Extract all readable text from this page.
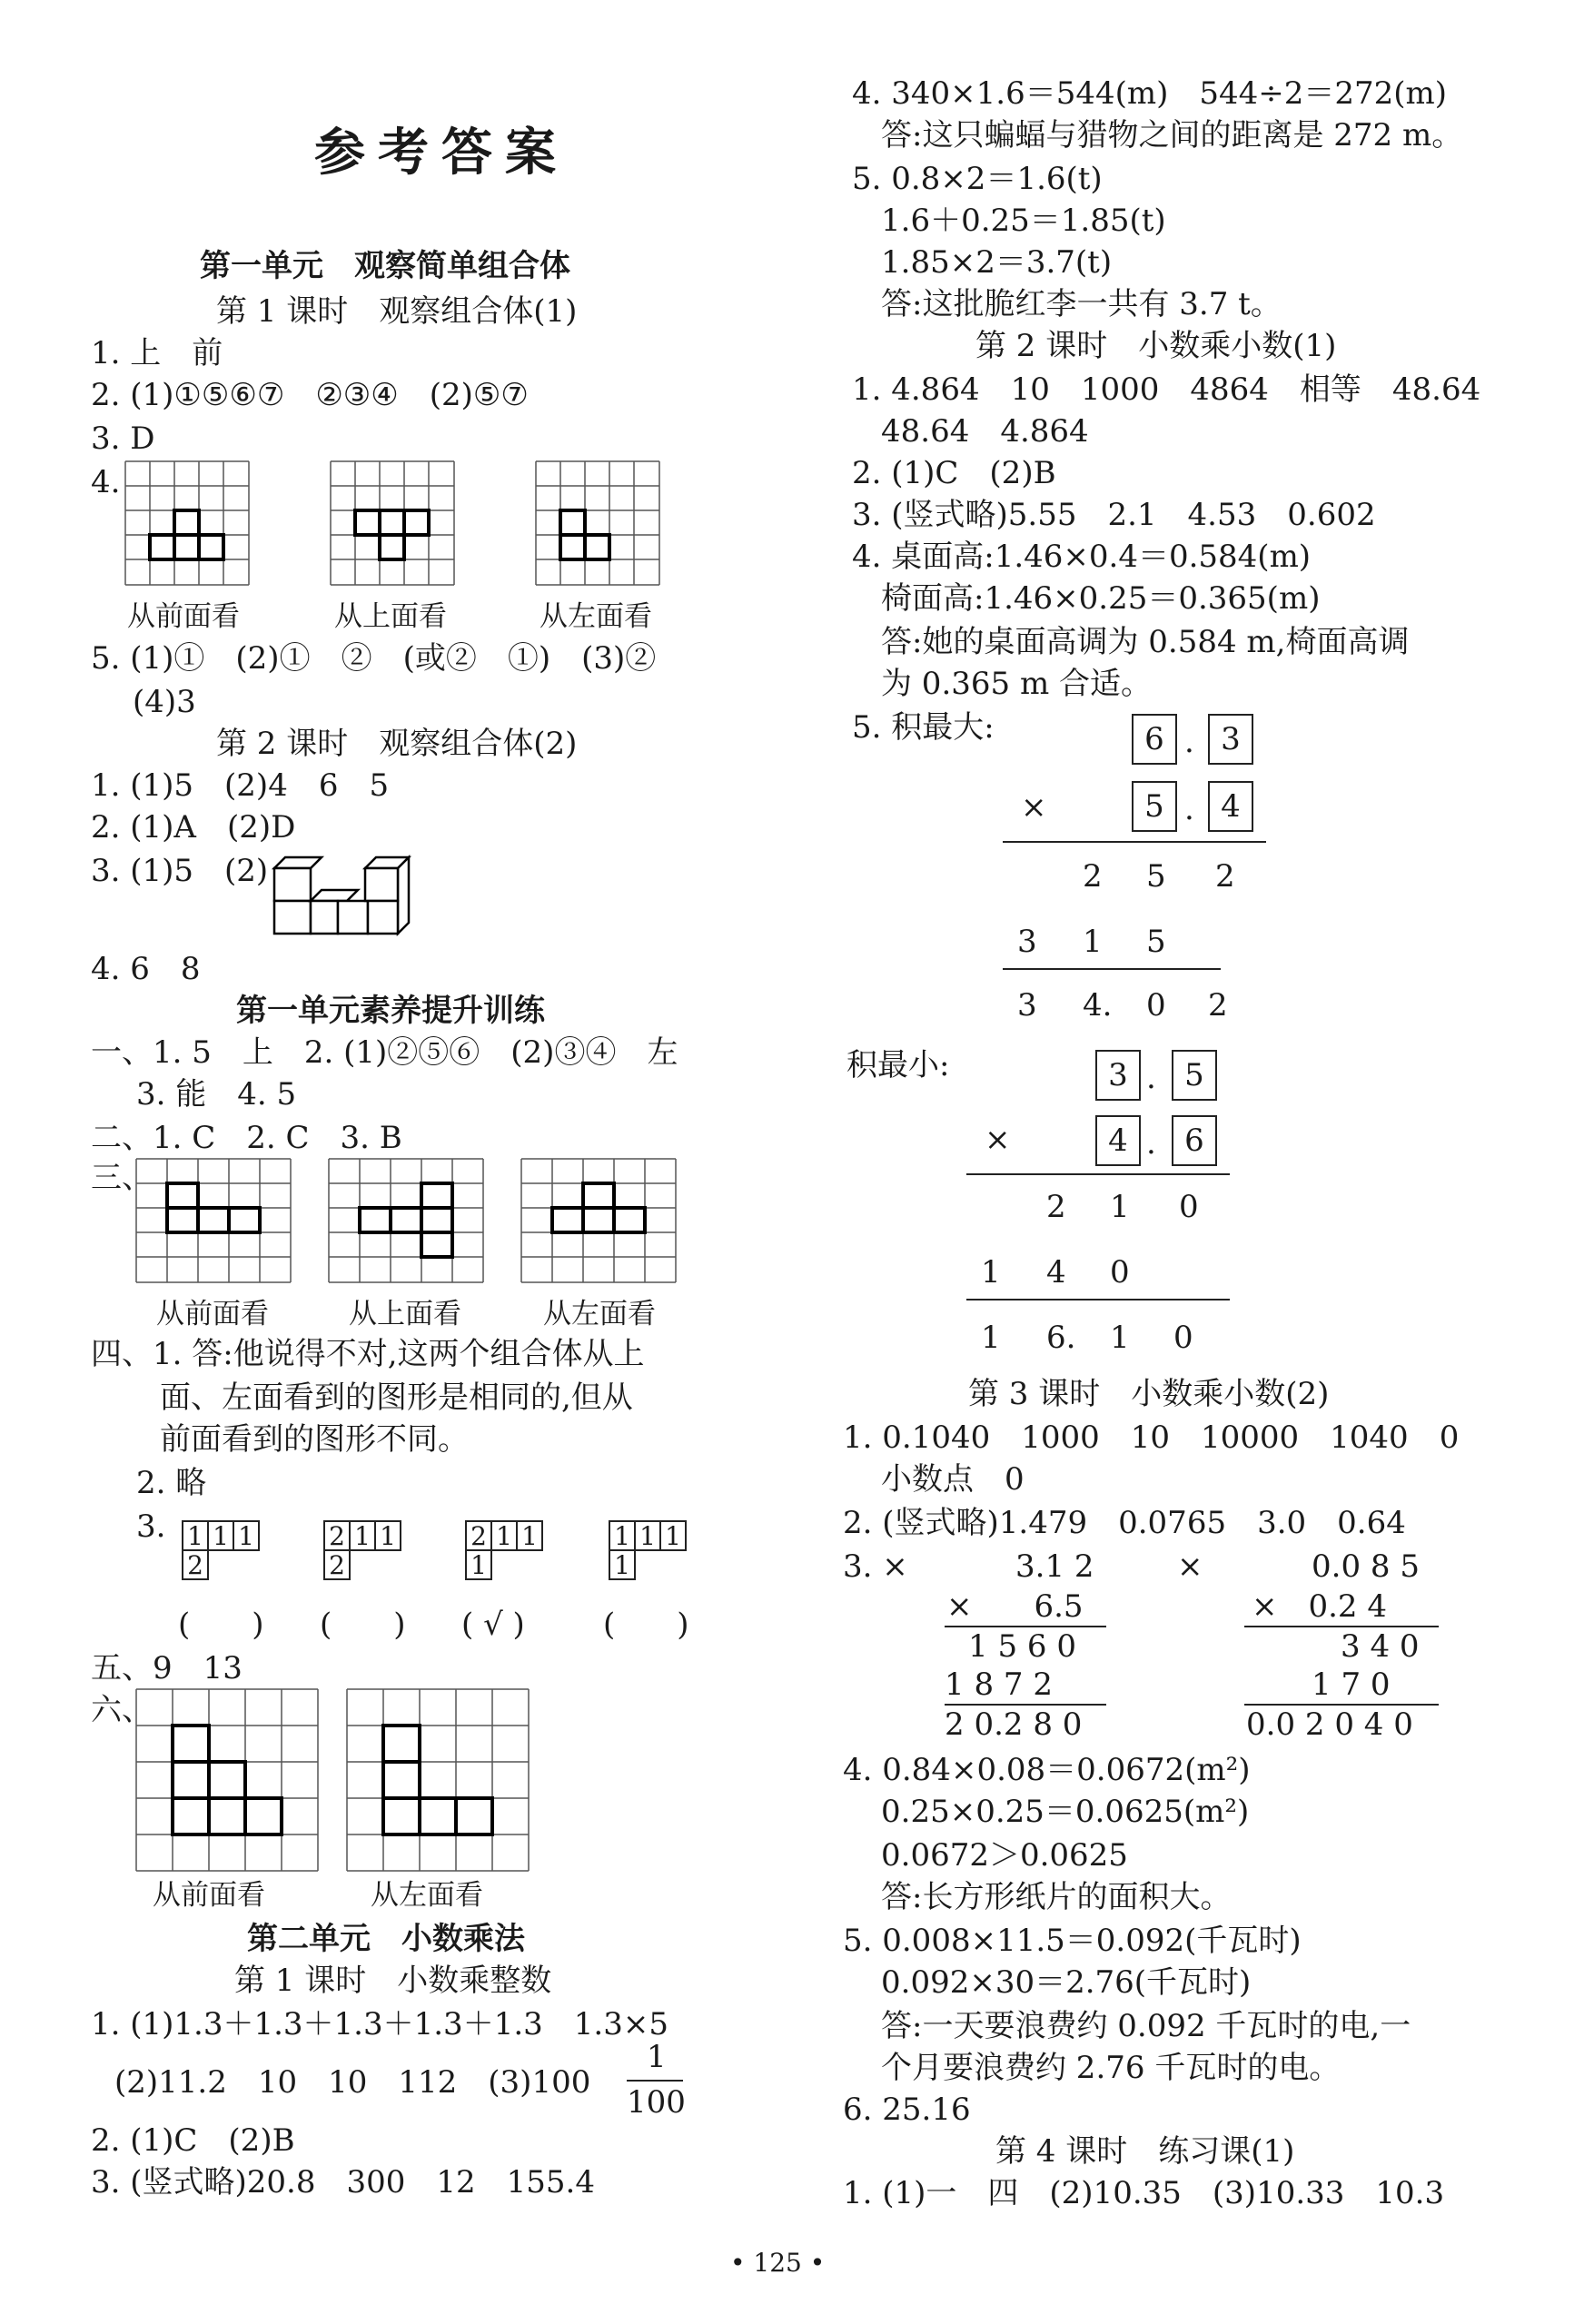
参考答案
第一单元　观察简单组合体
第 1 课时　观察组合体(1)
1. 上　前
2. (1)①⑤⑥⑦　②③④　(2)⑤⑦
3. D
4.
从前面看	从上面看	从左面看
5. (1)①　(2)①　②　(或②　①)　(3)②
(4)3
第 2 课时　观察组合体(2)
1. (1)5　(2)4　6　5
2. (1)A　(2)D
3. (1)5　(2)
4. 6　8
第一单元素养提升训练
一、1. 5　上　2. (1)②⑤⑥　(2)③④　左
3. 能　4. 5
二、1. C　2. C　3. B
三、
从前面看	从上面看	从左面看
四、1. 答:他说得不对,这两个组合体从上
面、左面看到的图形是相同的,但从
前面看到的图形不同。
2. 略
3. 1 1 1
2
2 1 1
2
2 1 1
1
1 1 1
1
(　　) (　　) ( √ )	(　　)
五、9　13
六、
从前面看	从左面看
第二单元　小数乘法
第 1 课时　小数乘整数
1. (1)1.3＋1.3＋1.3＋1.3＋1.3　1.3×5
(2)11.2　10　10　112　(3)100
1
100
2. (1)C　(2)B
3. (竖式略)20.8　300　12　155.4
4. 340×1.6＝544(m)　544÷2＝272(m)
答:这只蝙蝠与猎物之间的距离是 272 m。
5. 0.8×2＝1.6(t)
1.6＋0.25＝1.85(t)
1.85×2＝3.7(t)
答:这批脆红李一共有 3.7 t。
第 2 课时　小数乘小数(1)
1. 4.864　10　1000　4864　相等　48.64
48.64　4.864
2. (1)C　(2)B
3. (竖式略)5.55　2.1　4.53　0.602
4. 桌面高:1.46×0.4＝0.584(m)
椅面高:1.46×0.25＝0.365(m)
答:她的桌面高调为 0.584 m,椅面高调
为 0.365 m 合适。
5. 积最大:	6 . 3
×	5 . 4
2 5 2
3 1 5
3 4. 0 2
积最小:	3 . 5
×	4 . 6
2 1 0
1 4 0
1 6. 1 0
第 3 课时　小数乘小数(2)
1. 0.1040　1000　10　10000　1040　0
小数点　0
2. (竖式略)1.479　0.0765　3.0　0.64
3. ×	3.1 2
×　　6.5
1 5 6 0
1 8 7 2
2 0.2 8 0
×	0.0 8 5
×　0.2 4
3 4 0
1 7 0
0.0 2 0 4 0
4. 0.84×0.08＝0.0672(m²)
0.25×0.25＝0.0625(m²)
0.0672＞0.0625
答:长方形纸片的面积大。
5. 0.008×11.5＝0.092(千瓦时)
0.092×30＝2.76(千瓦时)
答:一天要浪费约 0.092 千瓦时的电,一
个月要浪费约 2.76 千瓦时的电。
6. 25.16
第 4 课时　练习课(1)
1. (1)一　四　(2)10.35　(3)10.33　10.3
• 125 •
